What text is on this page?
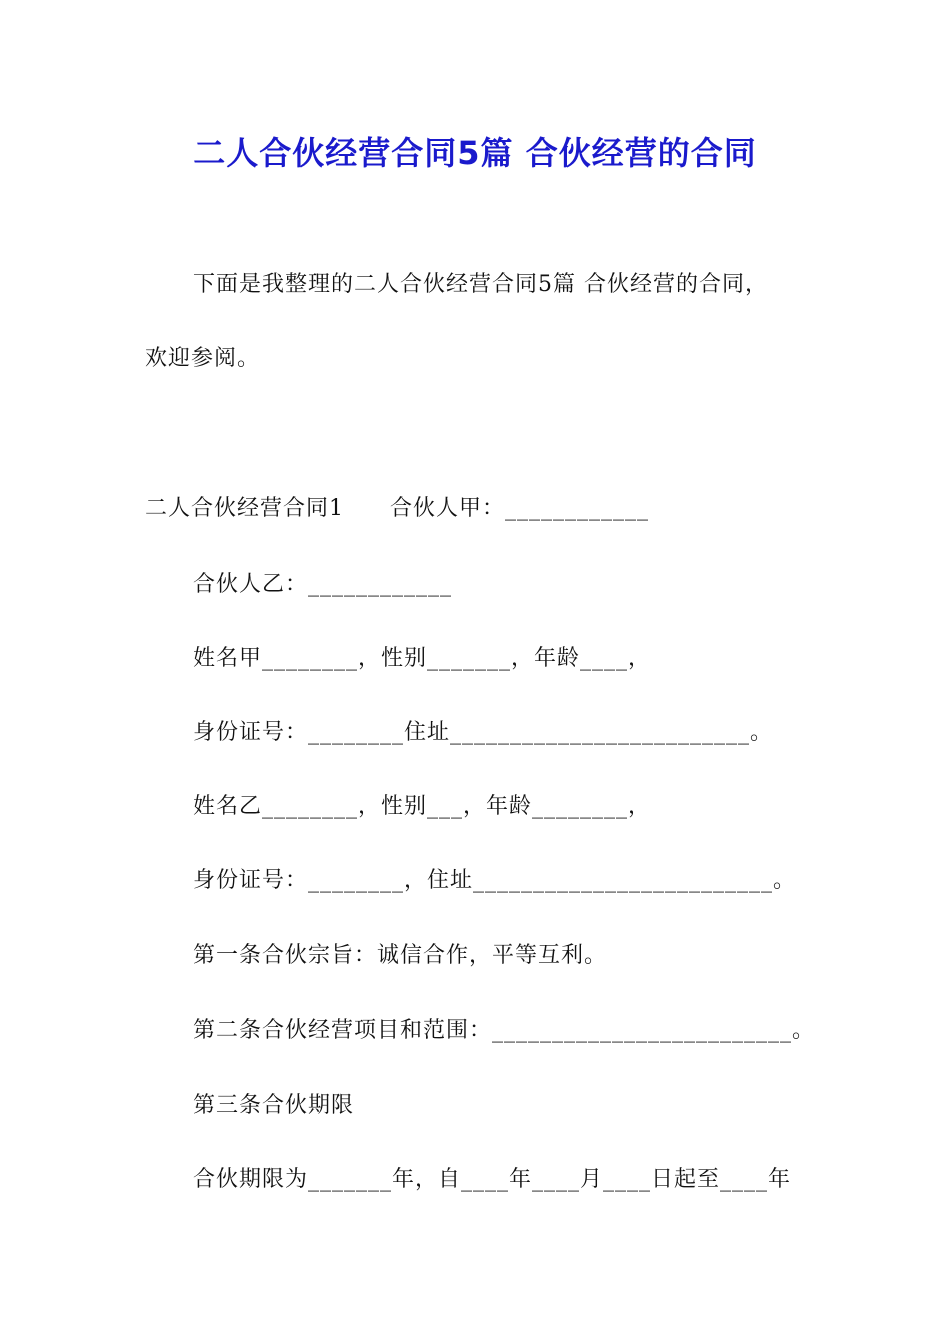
二人合伙经营合同5篇 合伙经营的合同
下面是我整理的二人合伙经营合同5篇 合伙经营的合同，
欢迎参阅。
二人合伙经营合同1　　合伙人甲：____________
合伙人乙：____________
姓名甲________，性别_______，年龄____，
身份证号：________住址_________________________。
姓名乙________，性别___，年龄________，
身份证号：________，住址_________________________。
第一条合伙宗旨：诚信合作，平等互利。
第二条合伙经营项目和范围：_________________________。
第三条合伙期限
合伙期限为_______年，自____年____月____日起至____年
